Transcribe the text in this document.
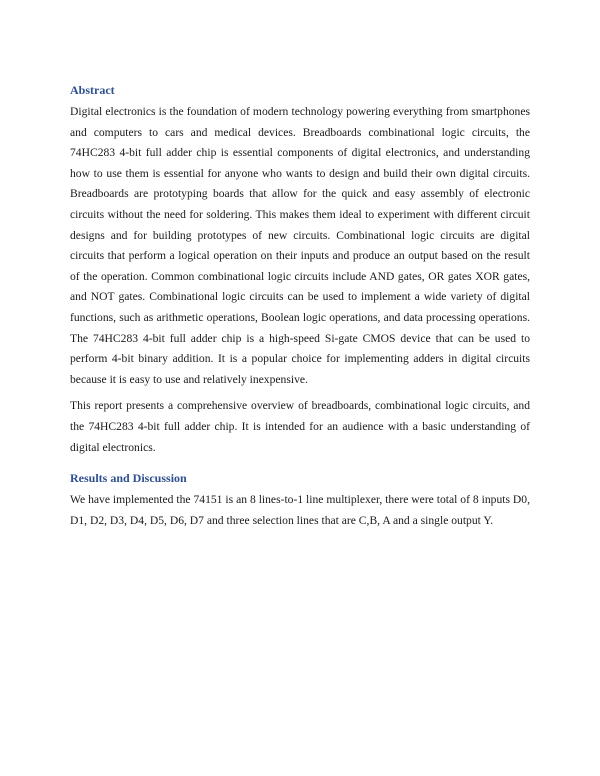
Abstract

Digital electronics is the foundation of modern technology powering everything from smartphones and computers to cars and medical devices. Breadboards combinational logic circuits, the 74HC283 4-bit full adder chip is essential components of digital electronics, and understanding how to use them is essential for anyone who wants to design and build their own digital circuits. Breadboards are prototyping boards that allow for the quick and easy assembly of electronic circuits without the need for soldering. This makes them ideal to experiment with different circuit designs and for building prototypes of new circuits. Combinational logic circuits are digital circuits that perform a logical operation on their inputs and produce an output based on the result of the operation. Common combinational logic circuits include AND gates, OR gates XOR gates, and NOT gates. Combinational logic circuits can be used to implement a wide variety of digital functions, such as arithmetic operations, Boolean logic operations, and data processing operations. The 74HC283 4-bit full adder chip is a high-speed Si-gate CMOS device that can be used to perform 4-bit binary addition. It is a popular choice for implementing adders in digital circuits because it is easy to use and relatively inexpensive.

This report presents a comprehensive overview of breadboards, combinational logic circuits, and the 74HC283 4-bit full adder chip. It is intended for an audience with a basic understanding of digital electronics.

Results and Discussion

We have implemented the 74151 is an 8 lines-to-1 line multiplexer, there were total of 8 inputs D0, D1, D2, D3, D4, D5, D6, D7 and three selection lines that are C,B, A and a single output Y.
